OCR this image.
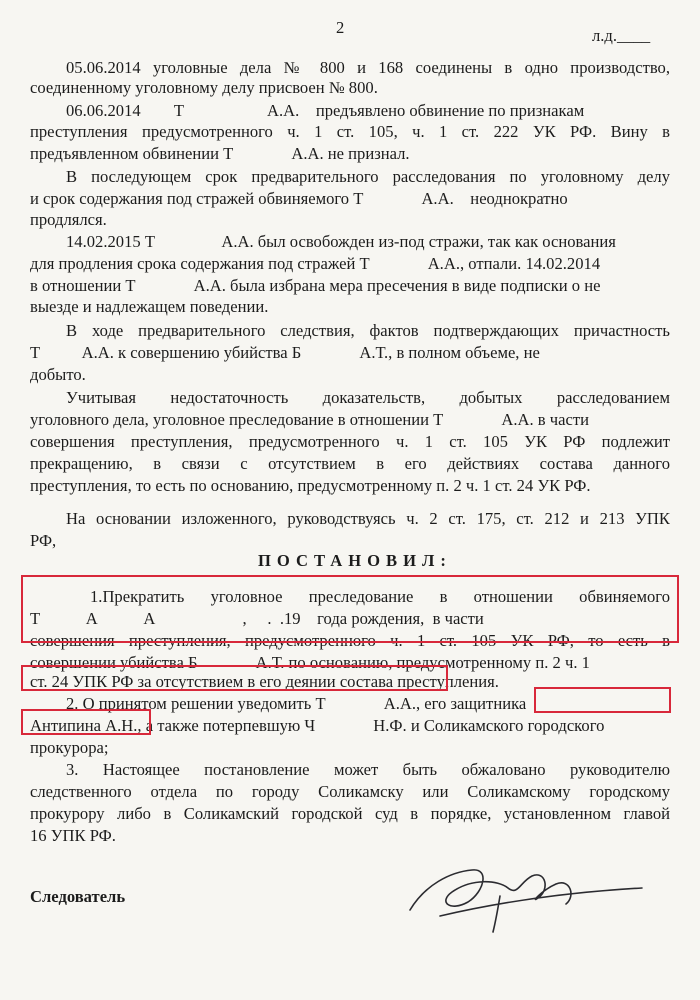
2	л.д.____
05.06.2014 уголовные дела № 800 и 168 соединены в одно производство,
соединенному уголовному делу присвоен № 800.
06.06.2014        Т                    А.А.    предъявлено обвинение по признакам
преступления предусмотренного ч. 1 ст. 105, ч. 1 ст. 222 УК РФ. Вину в
предъявленном обвинении Т              А.А. не признал.
В последующем срок предварительного расследования по уголовному делу
и срок содержания под стражей обвиняемого Т              А.А.    неоднократно
продлялся.
14.02.2015 Т                А.А. был освобожден из-под стражи, так как основания
для продления срока содержания под стражей Т              А.А., отпали. 14.02.2014
в отношении Т              А.А. была избрана мера пресечения в виде подписки о не
выезде и надлежащем поведении.
В ходе предварительного следствия, фактов подтверждающих причастность
Т          А.А. к совершению убийства Б              А.Т., в полном объеме, не
добыто.
Учитывая недостаточность доказательств, добытых расследованием
уголовного дела, уголовное преследование в отношении Т              А.А. в части
совершения преступления, предусмотренного ч. 1 ст. 105 УК РФ подлежит
прекращению, в связи с отсутствием в его действиях состава данного
преступления, то есть по основанию, предусмотренному п. 2 ч. 1 ст. 24 УК РФ.
На основании изложенного, руководствуясь ч. 2 ст. 175, ст. 212 и 213 УПК
РФ,
1.Прекратить уголовное преследование в отношении обвиняемого
Т           А           А                     ,     .  .19    года рождения,  в части
совершения преступления, предусмотренного ч. 1 ст. 105 УК РФ, то есть в
совершении убийства Б              А.Т. по основанию, предусмотренному п. 2 ч. 1
ст. 24 УПК РФ за отсутствием в его деянии состава преступления.
2. О принятом решении уведомить Т              А.А., его защитника
Антипина А.Н., а также потерпевшую Ч              Н.Ф. и Соликамского городского
прокурора;
3. Настоящее постановление может быть обжаловано руководителю
следственного отдела по городу Соликамску или Соликамскому городскому
прокурору либо в Соликамский городской суд в порядке, установленном главой
16 УПК РФ.
ПОСТАНОВИЛ:
Следователь
